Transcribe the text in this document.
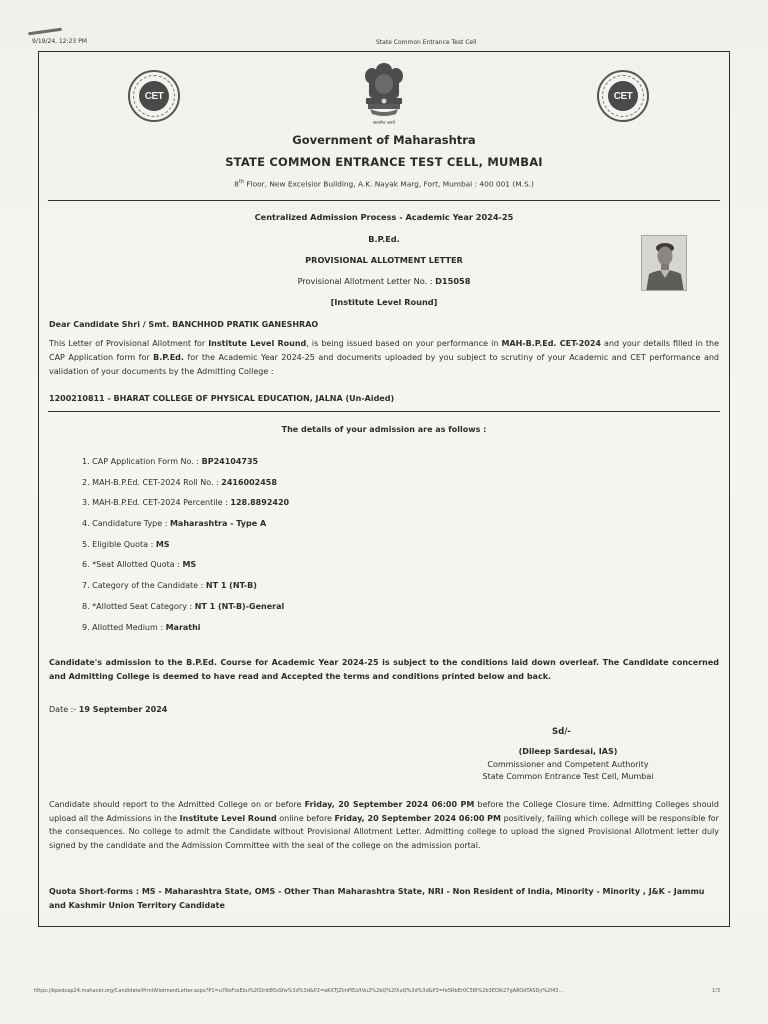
9/19/24, 12:23 PM	State Common Entrance Test Cell
CET	CET
सत्यमेव जयते
Government of Maharashtra
STATE COMMON ENTRANCE TEST CELL, MUMBAI
8th Floor, New Excelsior Building, A.K. Nayak Marg, Fort, Mumbai : 400 001 (M.S.)
Centralized Admission Process - Academic Year 2024-25
B.P.Ed.
PROVISIONAL ALLOTMENT LETTER
Provisional Allotment Letter No. : D15058
[Institute Level Round]
Dear Candidate Shri / Smt. BANCHHOD PRATIK GANESHRAO
This Letter of Provisional Allotment for Institute Level Round, is being issued based on your performance in MAH-B.P.Ed. CET-2024 and your details filled in the CAP Application form for B.P.Ed. for the Academic Year 2024-25 and documents uploaded by you subject to scrutiny of your Academic and CET performance and validation of your documents by the Admitting College :
1200210811 - BHARAT COLLEGE OF PHYSICAL EDUCATION, JALNA (Un-Aided)
The details of your admission are as follows :
1. CAP Application Form No. : BP24104735
2. MAH-B.P.Ed. CET-2024 Roll No. : 2416002458
3. MAH-B.P.Ed. CET-2024 Percentile : 128.8892420
4. Candidature Type : Maharashtra - Type A
5. Eligible Quota : MS
6. *Seat Allotted Quota : MS
7. Category of the Candidate : NT 1 (NT-B)
8. *Allotted Seat Category : NT 1 (NT-B)-General
9. Allotted Medium : Marathi
Candidate's admission to the B.P.Ed. Course for Academic Year 2024-25 is subject to the conditions laid down overleaf. The Candidate concerned and Admitting College is deemed to have read and Accepted the terms and conditions printed below and back.
Date :- 19 September 2024
Sd/-
(Dileep Sardesai, IAS)
Commissioner and Competent Authority
State Common Entrance Test Cell, Mumbai
Candidate should report to the Admitted College on or before Friday, 20 September 2024 06:00 PM before the College Closure time. Admitting Colleges should upload all the Admissions in the Institute Level Round online before Friday, 20 September 2024 06:00 PM positively, failing which college will be responsible for the consequences. No college to admit the Candidate without Provisional Allotment Letter. Admitting college to upload the signed Provisional Allotment letter duly signed by the candidate and the Admission Committee with the seal of the college on the admission portal.
Quota Short-forms : MS - Maharashtra State, OMS - Other Than Maharashtra State, NRI - Non Resident of India, Minority - Minority , J&K - Jammu and Kashmir Union Territory Candidate
https://bpedcap24.mahacet.org/Candidate/PrintAllotmentLetter.aspx?P1=u7RoFssEbu%2f2lrdi85sSfw%3d%3d&P2=aKXTJZlmPELVtVu2%2bQ%2fXuQ%3d%3d&P3=fe5RbEr0C58I%2b3EOlk27gA8OdTASDy%2f43...	1/3
